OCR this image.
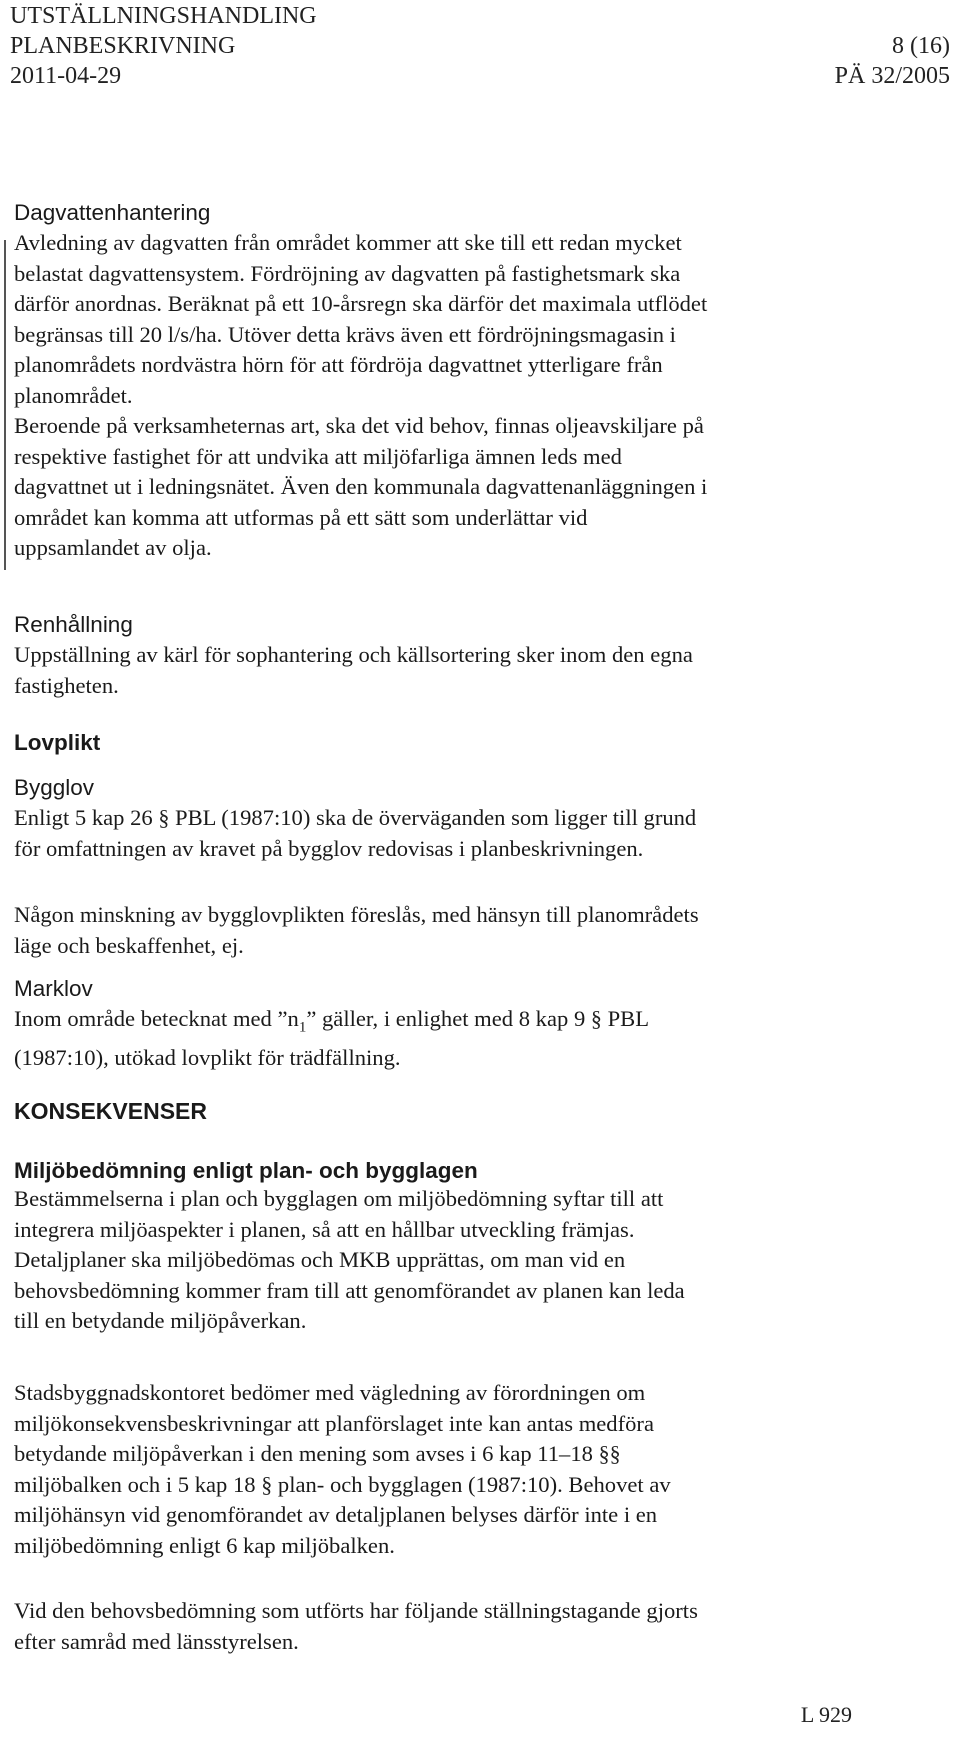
UTSTÄLLNINGSHANDLING
PLANBESKRIVNING	8 (16)
2011-04-29	PÄ 32/2005

Dagvattenhantering

Avledning av dagvatten från området kommer att ske till ett redan mycket

belastat dagvattensystem. Fördröjning av dagvatten på fastighetsmark ska

därför anordnas. Beräknat på ett 10-årsregn ska därför det maximala utflödet

begränsas till 20 l/s/ha. Utöver detta krävs även ett fördröjningsmagasin i

planområdets nordvästra hörn för att fördröja dagvattnet ytterligare från

planområdet.

Beroende på verksamheternas art, ska det vid behov, finnas oljeavskiljare på

respektive fastighet för att undvika att miljöfarliga ämnen leds med

dagvattnet ut i ledningsnätet. Även den kommunala dagvattenanläggningen i

området kan komma att utformas på ett sätt som underlättar vid

uppsamlandet av olja.

Renhållning

Uppställning av kärl för sophantering och källsortering sker inom den egna

fastigheten.

Lovplikt

Bygglov

Enligt 5 kap 26 § PBL (1987:10) ska de överväganden som ligger till grund

för omfattningen av kravet på bygglov redovisas i planbeskrivningen.

Någon minskning av bygglovplikten föreslås, med hänsyn till planområdets

läge och beskaffenhet, ej.

Marklov

Inom område betecknat med $”n_1$” gäller, i enlighet med 8 kap 9 § PBL

(1987:10), utökad lovplikt för trädfällning.

KONSEKVENSER

Miljöbedömning enligt plan- och bygglagen

Bestämmelserna i plan och bygglagen om miljöbedömning syftar till att

integrera miljöaspekter i planen, så att en hållbar utveckling främjas.

Detaljplaner ska miljöbedömas och MKB upprättas, om man vid en

behovsbedömning kommer fram till att genomförandet av planen kan leda

till en betydande miljöpåverkan.

Stadsbyggnadskontoret bedömer med vägledning av förordningen om

miljökonsekvensbeskrivningar att planförslaget inte kan antas medföra

betydande miljöpåverkan i den mening som avses i 6 kap 11–18 §§

miljöbalken och i 5 kap 18 § plan- och bygglagen (1987:10). Behovet av

miljöhänsyn vid genomförandet av detaljplanen belyses därför inte i en

miljöbedömning enligt 6 kap miljöbalken.

Vid den behovsbedömning som utförts har följande ställningstagande gjorts

efter samråd med länsstyrelsen.

L 929
